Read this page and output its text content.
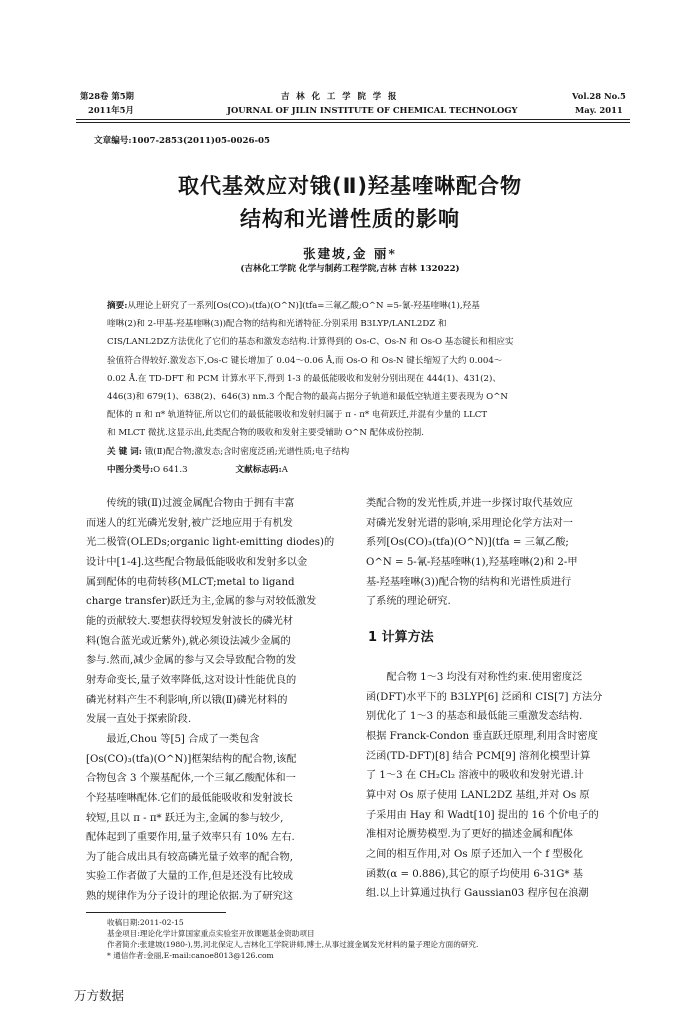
第28卷 第5期
2011年5月
吉 林 化 工 学 院 学 报
JOURNAL OF JILIN INSTITUTE OF CHEMICAL TECHNOLOGY
Vol.28 No.5
May. 2011
文章编号:1007-2853(2011)05-0026-05
取代基效应对锇(Ⅱ)羟基喹啉配合物
结构和光谱性质的影响
张建坡,金 丽*
(吉林化工学院 化学与制药工程学院,吉林 吉林 132022)
摘要:从理论上研究了一系列[Os(CO)₃(tfa)(O^N)](tfa=三氟乙酸;O^N =5-氰-羟基喹啉(1),羟基
喹啉(2)和 2-甲基-羟基喹啉(3))配合物的结构和光谱特征.分别采用 B3LYP/LANL2DZ 和
CIS/LANL2DZ方法优化了它们的基态和激发态结构.计算得到的 Os-C、Os-N 和 Os-O 基态键长和相应实
验值符合得较好.激发态下,Os-C 键长增加了 0.04～0.06 Å,而 Os-O 和 Os-N 键长缩短了大约 0.004～
0.02 Å.在 TD-DFT 和 PCM 计算水平下,得到 1-3 的最低能吸收和发射分别出现在 444(1)、431(2)、
446(3)和 679(1)、638(2)、646(3) nm.3 个配合物的最高占据分子轨道和最低空轨道主要表现为 O^N
配体的 π 和 π* 轨道特征,所以它们的最低能吸收和发射归属于 π - π* 电荷跃迁,并混有少量的 LLCT
和 MLCT 微扰.这显示出,此类配合物的吸收和发射主要受辅助 O^N 配体成份控制.
关 键 词: 锇(Ⅱ)配合物;激发态;含时密度泛函;光谱性质;电子结构
中图分类号:O 641.3	文献标志码:A
传统的锇(Ⅱ)过渡金属配合物由于拥有丰富
而迷人的红光磷光发射,被广泛地应用于有机发
光二极管(OLEDs;organic light-emitting diodes)的
设计中[1-4].这些配合物最低能吸收和发射多以金
属到配体的电荷转移(MLCT;metal to ligand
charge transfer)跃迁为主,金属的参与对较低激发
能的贡献较大.要想获得较短发射波长的磷光材
料(饱合蓝光或近紫外),就必须设法减少金属的
参与.然而,减少金属的参与又会导致配合物的发
射寿命变长,量子效率降低,这对设计性能优良的
磷光材料产生不利影响,所以锇(Ⅱ)磷光材料的
发展一直处于探索阶段.
最近,Chou 等[5] 合成了一类包含
[Os(CO)₃(tfa)(O^N)]框架结构的配合物,该配
合物包含 3 个羰基配体,一个三氟乙酸配体和一
个羟基喹啉配体.它们的最低能吸收和发射波长
较短,且以 π - π* 跃迁为主,金属的参与较少,
配体起到了重要作用,量子效率只有 10% 左右.
为了能合成出具有较高磷光量子效率的配合物,
实验工作者做了大量的工作,但是还没有比较成
熟的规律作为分子设计的理论依据.为了研究这
类配合物的发光性质,并进一步探讨取代基效应
对磷光发射光谱的影响,采用理论化学方法对一
系列[Os(CO)₃(tfa)(O^N)](tfa = 三氟乙酸;
O^N = 5-氰-羟基喹啉(1),羟基喹啉(2)和 2-甲
基-羟基喹啉(3))配合物的结构和光谱性质进行
了系统的理论研究.
1 计算方法
配合物 1～3 均没有对称性约束.使用密度泛
函(DFT)水平下的 B3LYP[6] 泛函和 CIS[7] 方法分
别优化了 1～3 的基态和最低能三重激发态结构.
根据 Franck-Condon 垂直跃迁原理,利用含时密度
泛函(TD-DFT)[8] 结合 PCM[9] 溶剂化模型计算
了 1～3 在 CH₂Cl₂ 溶液中的吸收和发射光谱.计
算中对 Os 原子使用 LANL2DZ 基组,并对 Os 原
子采用由 Hay 和 Wadt[10] 提出的 16 个价电子的
准相对论赝势模型.为了更好的描述金属和配体
之间的相互作用,对 Os 原子还加入一个 f 型极化
函数(α = 0.886),其它的原子均使用 6-31G* 基
组.以上计算通过执行 Gaussian03 程序包在浪潮
收稿日期:2011-02-15
基金项目:理论化学计算国家重点实验室开放课题基金资助项目
作者简介:张建坡(1980-),男,河北保定人,吉林化工学院讲师,博士,从事过渡金属发光材料的量子理论方面的研究.
* 通信作者:金丽,E-mail:canoe8013@126.com
万方数据
